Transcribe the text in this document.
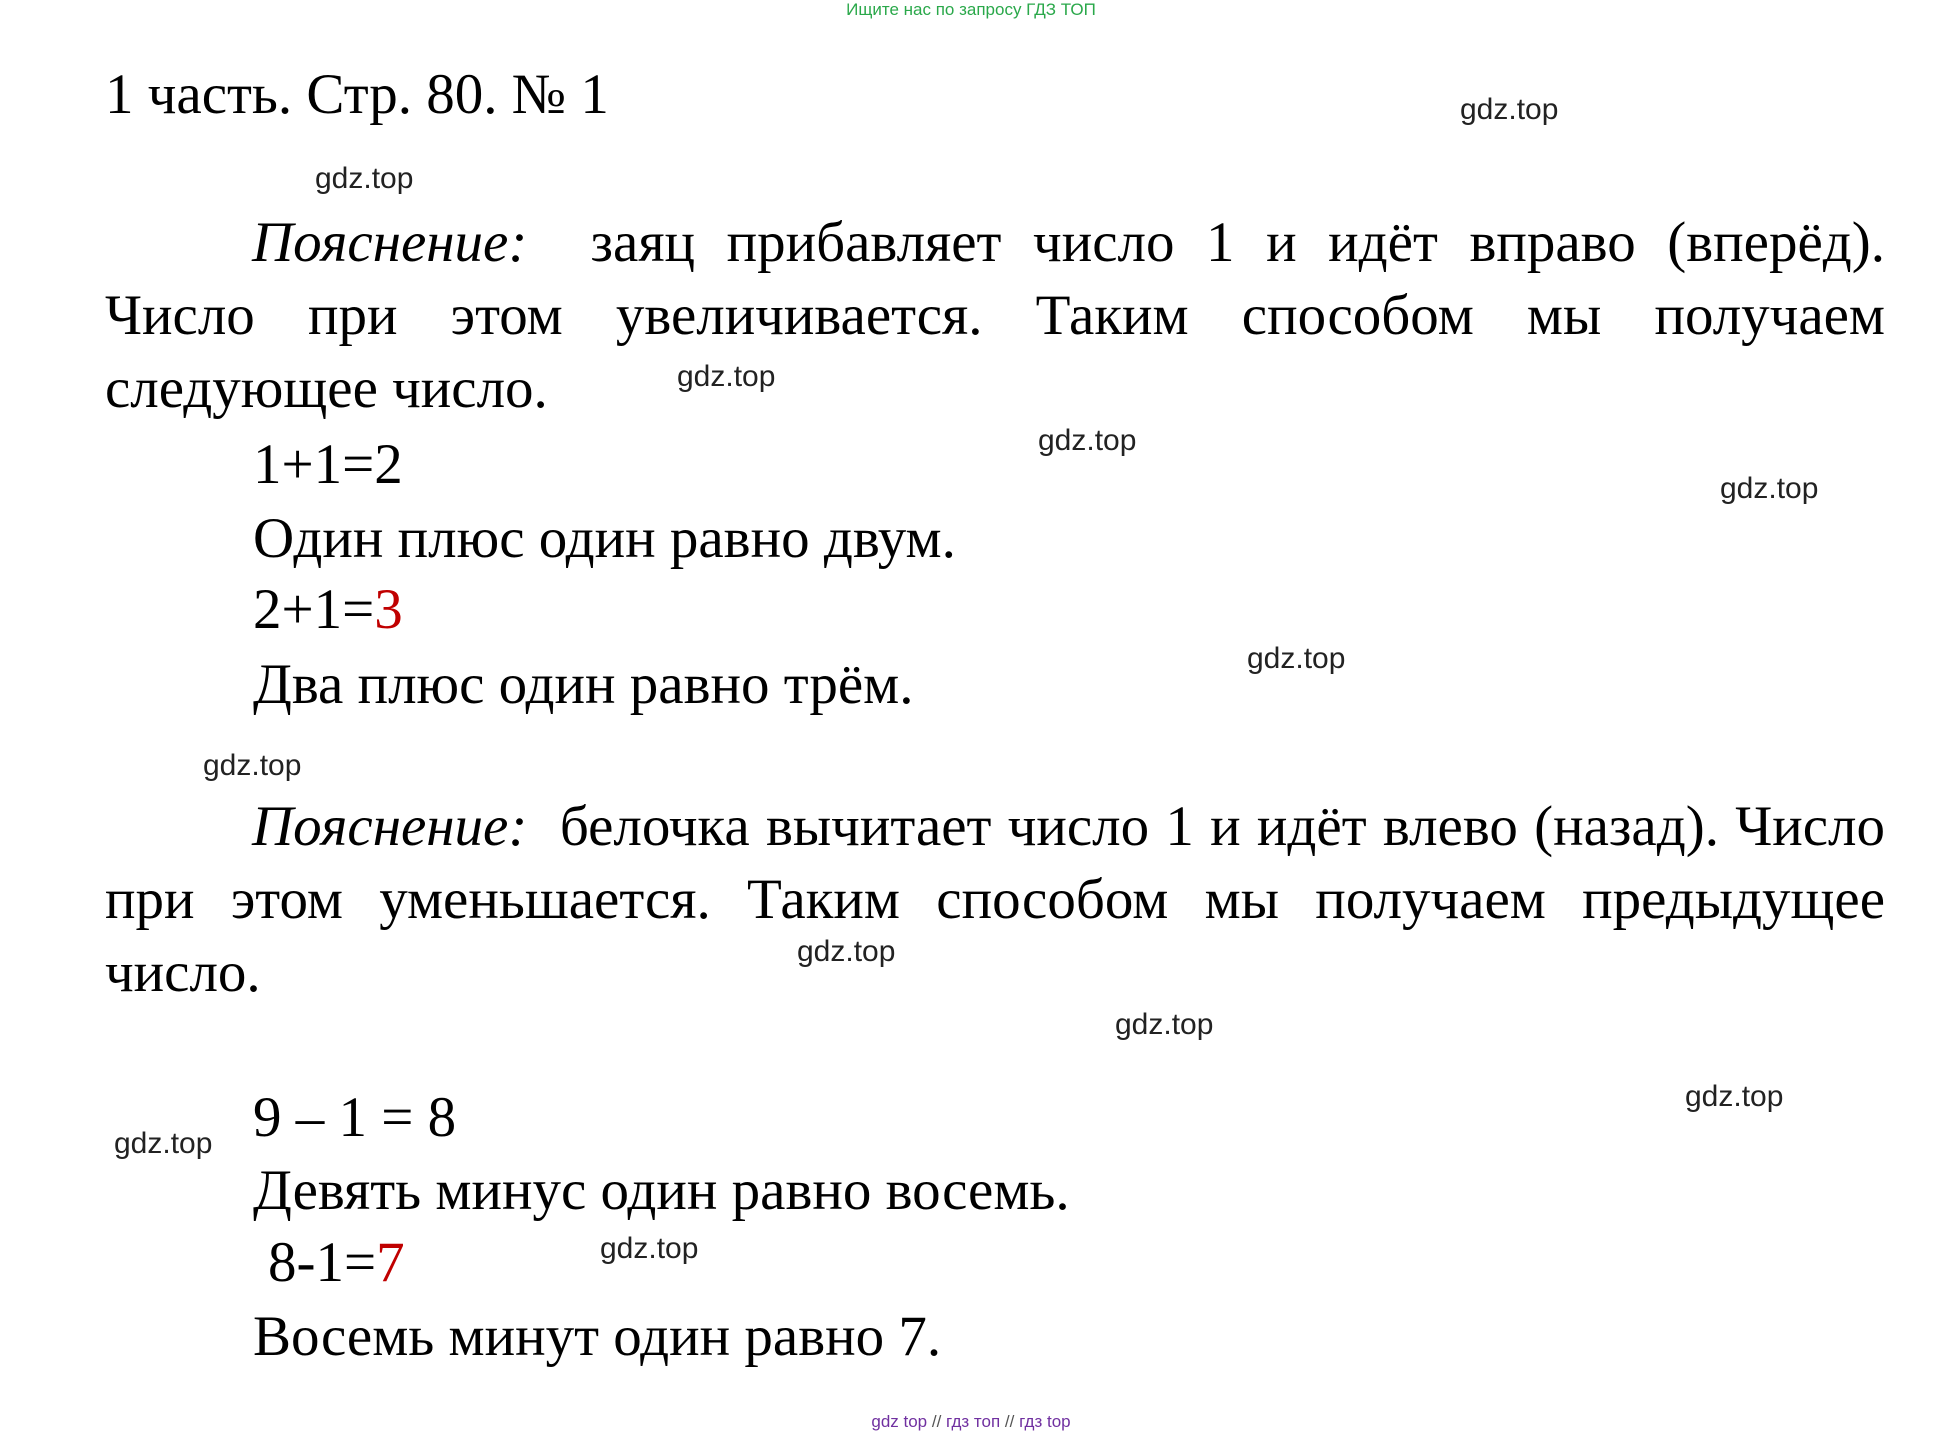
Ищите нас по запросу ГДЗ ТОП
1 часть. Стр. 80. № 1	gdz.top
gdz.top
gdz.top
gdz.top
gdz.top
gdz.top
gdz.top
gdz.top
gdz.top
gdz.top
gdz.top
gdz.top
Пояснение: заяц прибавляет число 1 и идёт вправо (вперёд). Число при этом увеличивается. Таким способом мы получаем следующее число.
1+1=2
Один плюс один равно двум.
2+1=3
Два плюс один равно трём.
Пояснение: белочка вычитает число 1 и идёт влево (назад). Число при этом уменьшается. Таким способом мы получаем предыдущее число.
9 – 1 = 8
Девять минус один равно восемь.
8-1=7
Восемь минут один равно 7.
gdz top // гдз топ // гдз top
